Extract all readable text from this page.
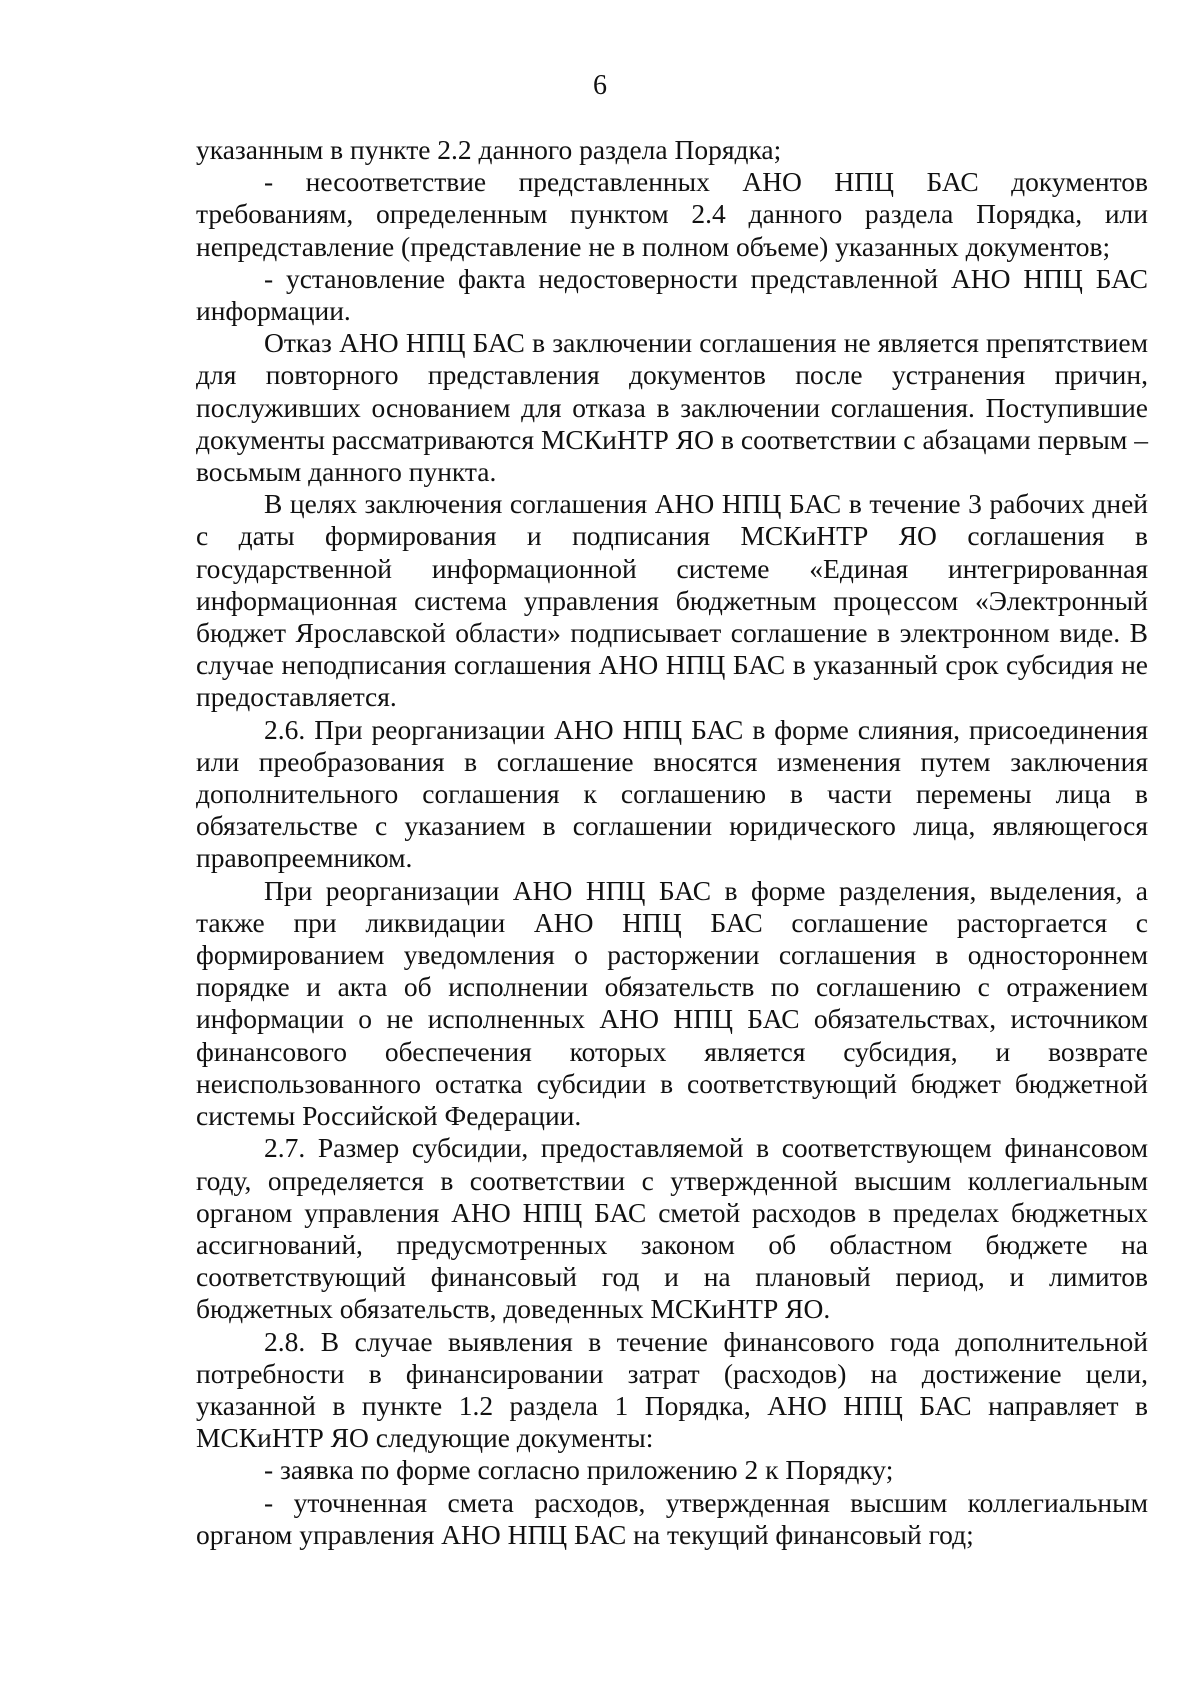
6

указанным в пункте 2.2 данного раздела Порядка;

- несоответствие представленных АНО НПЦ БАС документов требованиям, определенным пунктом 2.4 данного раздела Порядка, или непредставление (представление не в полном объеме) указанных документов;

- установление факта недостоверности представленной АНО НПЦ БАС информации.

Отказ АНО НПЦ БАС в заключении соглашения не является препятствием для повторного представления документов после устранения причин, послуживших основанием для отказа в заключении соглашения. Поступившие документы рассматриваются МСКиНТР ЯО в соответствии с абзацами первым – восьмым данного пункта.

В целях заключения соглашения АНО НПЦ БАС в течение 3 рабочих дней с даты формирования и подписания МСКиНТР ЯО соглашения в государственной информационной системе «Единая интегрированная информационная система управления бюджетным процессом «Электронный бюджет Ярославской области» подписывает соглашение в электронном виде. В случае неподписания соглашения АНО НПЦ БАС в указанный срок субсидия не предоставляется.

2.6. При реорганизации АНО НПЦ БАС в форме слияния, присоединения или преобразования в соглашение вносятся изменения путем заключения дополнительного соглашения к соглашению в части перемены лица в обязательстве с указанием в соглашении юридического лица, являющегося правопреемником.

При реорганизации АНО НПЦ БАС в форме разделения, выделения, а также при ликвидации АНО НПЦ БАС соглашение расторгается с формированием уведомления о расторжении соглашения в одностороннем порядке и акта об исполнении обязательств по соглашению с отражением информации о не исполненных АНО НПЦ БАС обязательствах, источником финансового обеспечения которых является субсидия, и возврате неиспользованного остатка субсидии в соответствующий бюджет бюджетной системы Российской Федерации.

2.7. Размер субсидии, предоставляемой в соответствующем финансовом году, определяется в соответствии с утвержденной высшим коллегиальным органом управления АНО НПЦ БАС сметой расходов в пределах бюджетных ассигнований, предусмотренных законом об областном бюджете на соответствующий финансовый год и на плановый период, и лимитов бюджетных обязательств, доведенных МСКиНТР ЯО.

2.8. В случае выявления в течение финансового года дополнительной потребности в финансировании затрат (расходов) на достижение цели, указанной в пункте 1.2 раздела 1 Порядка, АНО НПЦ БАС направляет в МСКиНТР ЯО следующие документы:

- заявка по форме согласно приложению 2 к Порядку;

- уточненная смета расходов, утвержденная высшим коллегиальным органом управления АНО НПЦ БАС на текущий финансовый год;
